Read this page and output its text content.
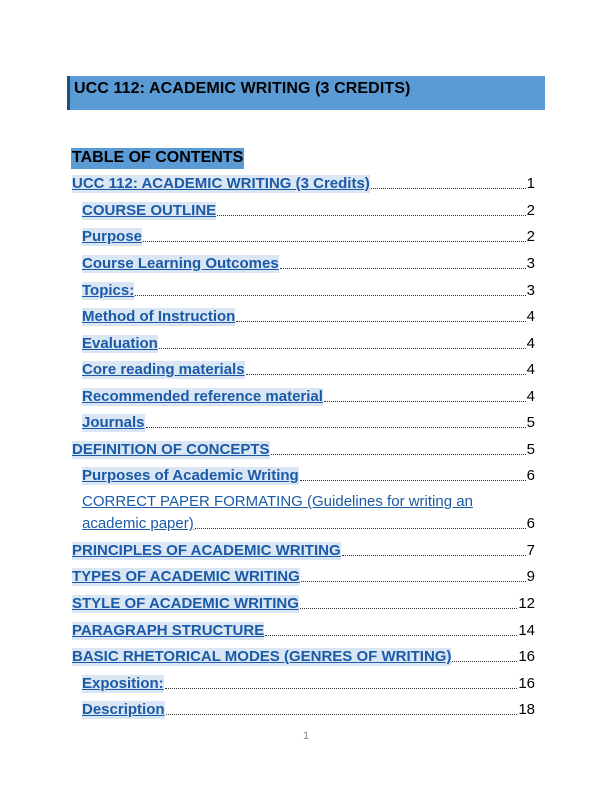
UCC 112: ACADEMIC WRITING (3 CREDITS)
TABLE OF CONTENTS
UCC 112: ACADEMIC WRITING (3 Credits)	1
COURSE OUTLINE	2
Purpose	2
Course Learning Outcomes	3
Topics:	3
Method of Instruction	4
Evaluation	4
Core reading materials	4
Recommended reference material	4
Journals	5
DEFINITION OF CONCEPTS	5
Purposes of Academic Writing	6
CORRECT PAPER FORMATING (Guidelines for writing an
academic paper)	6
PRINCIPLES OF ACADEMIC WRITING	7
TYPES OF ACADEMIC WRITING	9
STYLE OF ACADEMIC WRITING	12
PARAGRAPH STRUCTURE	14
BASIC RHETORICAL MODES (GENRES OF WRITING)	16
Exposition:	16
Description	18
1
